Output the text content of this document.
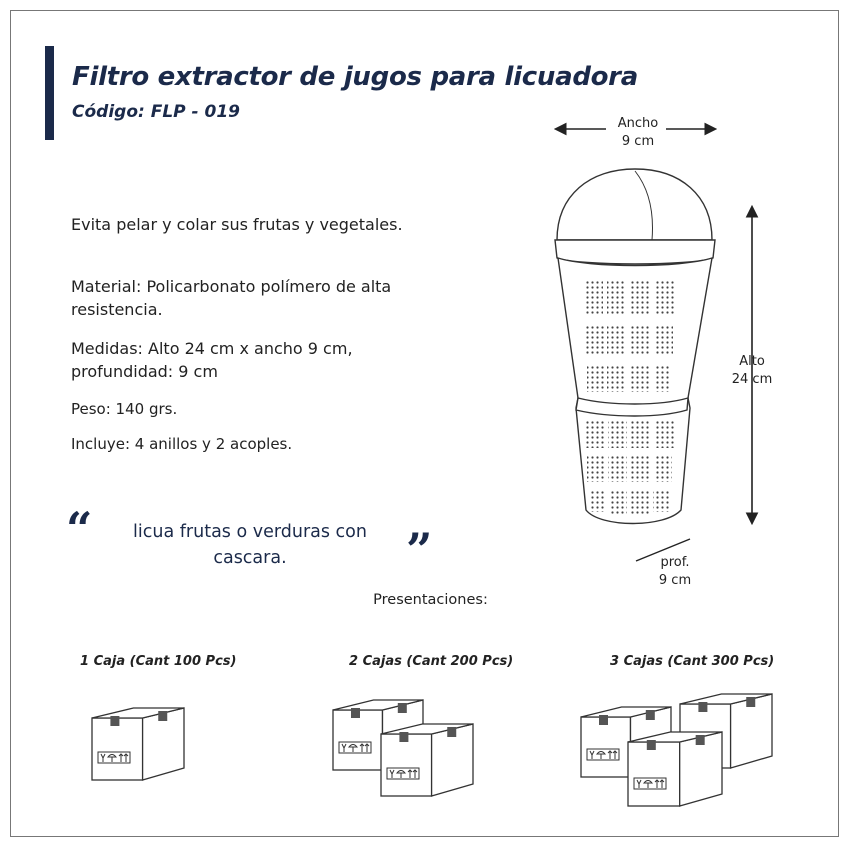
Filtro extractor de jugos para licuadora
Código: FLP - 019
Evita pelar y colar sus frutas y vegetales.
Material: Policarbonato polímero de alta resistencia.
Medidas: Alto 24 cm x ancho 9 cm, profundidad: 9 cm
Peso: 140 grs.
Incluye: 4 anillos y 2 acoples.
“ licua frutas o verduras con cascara.	”
Ancho
9 cm
Alto
24 cm
prof.
9 cm
Presentaciones:
1 Caja (Cant 100 Pcs)	2 Cajas (Cant 200 Pcs)	3 Cajas (Cant 300 Pcs)
